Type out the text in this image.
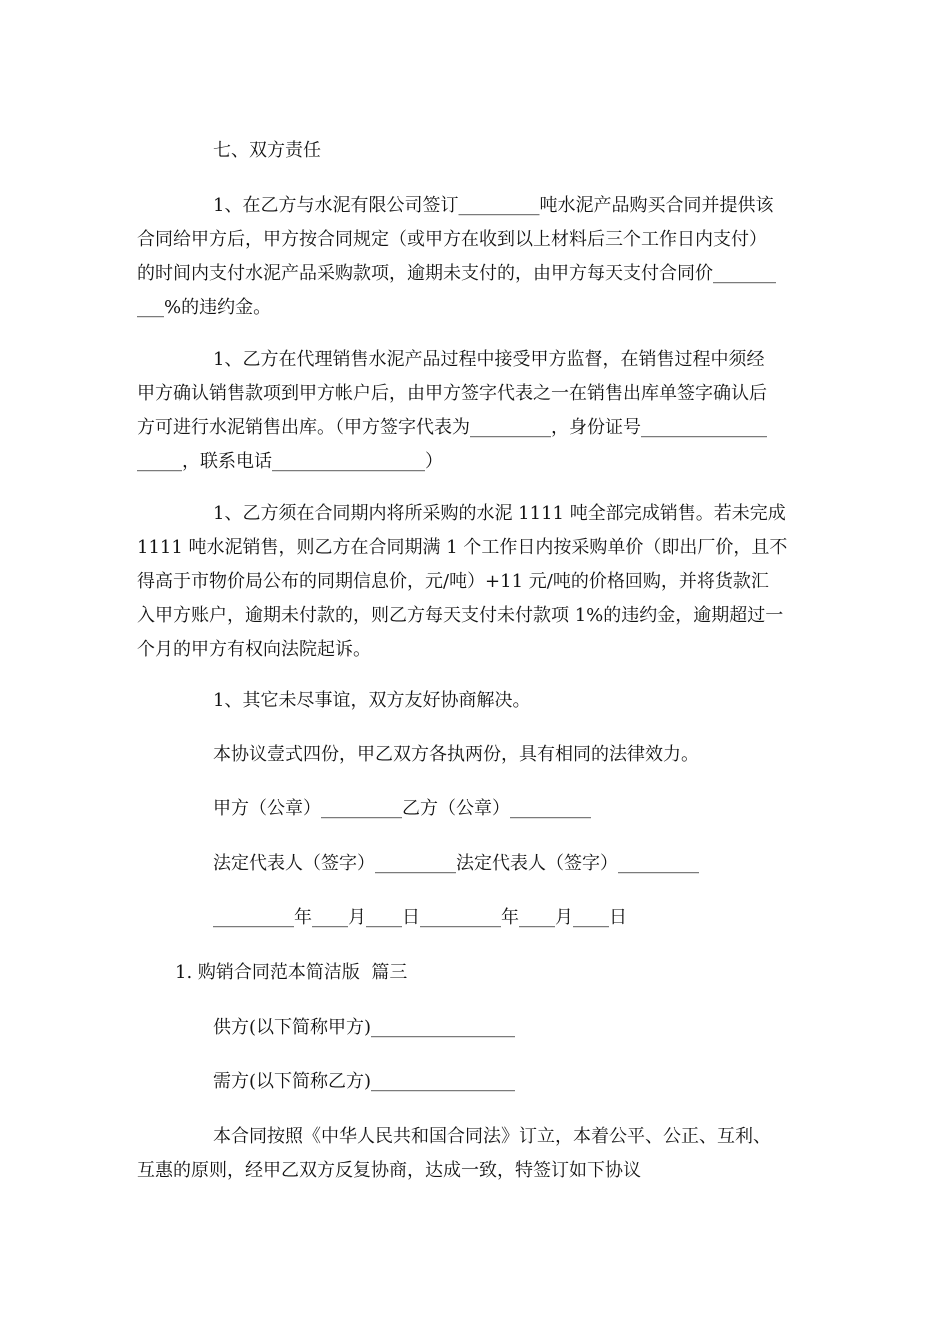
七、双方责任
1、在乙方与水泥有限公司签订_________吨水泥产品购买合同并提供该
合同给甲方后，甲方按合同规定（或甲方在收到以上材料后三个工作日内支付）
的时间内支付水泥产品采购款项，逾期未支付的，由甲方每天支付合同价_______
___%的违约金。
1、乙方在代理销售水泥产品过程中接受甲方监督，在销售过程中须经
甲方确认销售款项到甲方帐户后，由甲方签字代表之一在销售出库单签字确认后
方可进行水泥销售出库。（甲方签字代表为_________，身份证号______________
_____，联系电话_________________）
1、乙方须在合同期内将所采购的水泥 1111 吨全部完成销售。若未完成
1111 吨水泥销售，则乙方在合同期满 1 个工作日内按采购单价（即出厂价，且不
得高于市物价局公布的同期信息价，元/吨）+11 元/吨的价格回购，并将货款汇
入甲方账户，逾期未付款的，则乙方每天支付未付款项 1%的违约金，逾期超过一
个月的甲方有权向法院起诉。
1、其它未尽事谊，双方友好协商解决。
本协议壹式四份，甲乙双方各执两份，具有相同的法律效力。
甲方（公章）_________乙方（公章）_________
法定代表人（签字）_________法定代表人（签字）_________
_________年____月____日_________年____月____日
1. 购销合同范本简洁版  篇三
供方(以下简称甲方)________________
需方(以下简称乙方)________________
本合同按照《中华人民共和国合同法》订立，本着公平、公正、互利、
互惠的原则，经甲乙双方反复协商，达成一致，特签订如下协议
